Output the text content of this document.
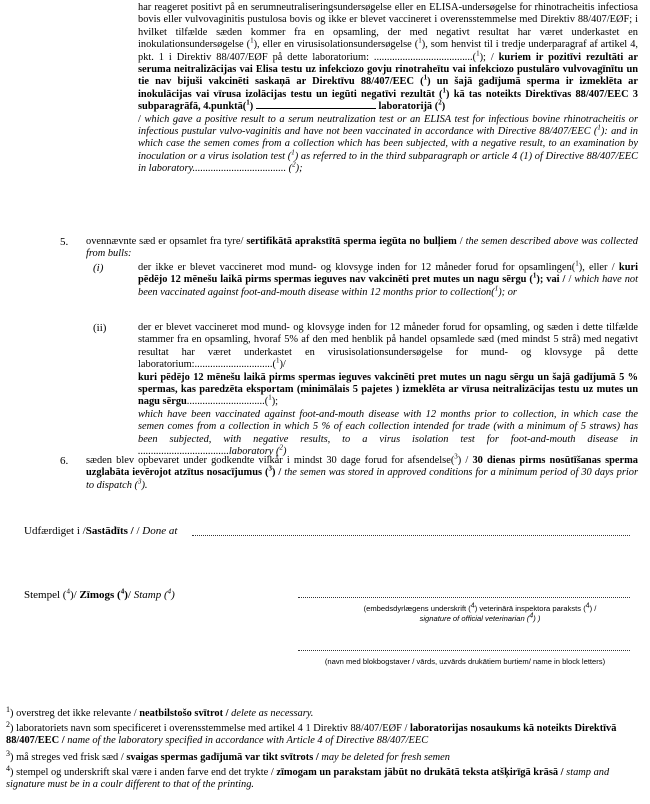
har reageret positivt på en serumneutraliseringsundersøgelse eller en ELISA-undersøgelse for rhinotracheitis infectiosa bovis eller vulvovaginitis pustulosa bovis og ikke er blevet vaccineret i overensstemmelse med Direktiv 88/407/EØF; i hvilket tilfælde sæden kommer fra en opsamling, der med negativt resultat har været underkastet en inokulationsundersøgelse ($^1$), eller en virusisolationsundersøgelse ($^1$), som henvist til i tredje underparagraf af artikel 4, pkt. 1 i Direktiv 88/407/EØF på dette laboratorium: ......................................($^1$); / kuriem ir pozitīvi rezultāti ar seruma neitralizācijas vai Elisa testu uz infekciozo govju rinotraheītu vai infekciozo pustulāro vulvovagīnītu un tie nav bijuši vakcinēti saskaņā ar Direktīvu 88/407/EEC ($^1$) un šajā gadījumā sperma ir izmeklēta ar inokulācijas vai vīrusa izolācijas testu un iegūti negatīvi rezultāt ($^1$) kā tas noteikts Direktīvas 88/407/EEC 3 subparagrāfā, 4.punktā($^1$)	laboratorijā ($^2$)
/ which gave a positive result to a serum neutralization test or an ELISA test for infectious bovine rhinotracheitis or infectious pustular vulvo-vaginitis and have not been vaccinated in accordance with Directive 88/407/EEC ($^1$): and in which case the semen comes from a collection which has been subjected, with a negative result, to an examination by inoculation or a virus isolation test ($^1$) as referred to in the third subparagraph or article 4 (1) of Directive 88/407/EEC in laboratory.................................... ($^2$);
5. ovennævnte sæd er opsamlet fra tyre/ sertifikātā aprakstītā sperma iegūta no bulļiem / the semen described above was collected from bulls:
(i)	der ikke er blevet vaccineret mod mund- og klovsyge inden for 12 måneder forud for opsamlingen($^1$), eller / kuri pēdējo 12 mēnešu laikā pirms spermas ieguves nav vakcinēti pret mutes un nagu sērgu ($^1$); vai / / which have not been vaccinated against foot-and-mouth disease within 12 months prior to collection($^1$); or
(ii)	der er blevet vaccineret mod mund- og klovsyge inden for 12 måneder forud for opsamling, og sæden i dette tilfælde stammer fra en opsamling, hvoraf 5% af den med henblik på handel opsamlede sæd (med mindst 5 strå) med negativt resultat har været underkastet en virusisolationsundersøgelse for mund- og klovsyge på dette laboratorium:..............................($^1$)/
kuri pēdējo 12 mēnešu laikā pirms spermas ieguves vakcinēti pret mutes un nagu sērgu un šajā gadījumā 5 % spermas, kas paredzēta eksportam (minimālais 5 pajetes ) izmeklēta ar vīrusa neitralizācijas testu uz mutes un nagu sērgu..............................($^1$);
which have been vaccinated against foot-and-mouth disease with 12 months prior to collection, in which case the semen comes from a collection in which 5 % of each collection intended for trade (with a minimum of 5 straws) has been subjected, with negative results, to a virus isolation test for foot-and-mouth disease in ...................................laboratory ($^2$)
6. sæden blev opbevaret under godkendte vilkår i mindst 30 dage forud for afsendelse($^3$) / 30 dienas pirms nosūtīšanas sperma uzglabāta ievērojot atzītus nosacījumus ($^3$) / the semen was stored in approved conditions for a minimum period of 30 days prior to dispatch ($^3$).
Udfærdiget i /Sastādīts / / Done at
Stempel ($^4$)/ Zīmogs ($^4$)/ Stamp ($^4$)
(embedsdyrlægens underskrift ($^4$) veterinārā inspektora paraksts ($^4$) /
signature of official veterinarian ($^4$) )
(navn med blokbogstaver / vārds, uzvārds drukātiem burtiem/ name in block letters)
$^1$) overstreg det ikke relevante / neatbilstošo svītrot / delete as necessary.
$^2$) laboratoriets navn som specificeret i overensstemmelse med artikel 4 1 Direktiv 88/407/EØF / laboratorijas nosaukums kā noteikts Direktīvā 88/407/EEC / name of the laboratory specified in accordance with Article 4 of Directive 88/407/EEC
$^3$) må streges ved frisk sæd / svaigas spermas gadījumā var tikt svītrots / may be deleted for fresh semen
$^4$) stempel og underskrift skal være i anden farve end det trykte / zīmogam un parakstam jābūt no drukātā teksta atšķirīgā krāsā / stamp and signature must be in a coulr different to that of the printing.
